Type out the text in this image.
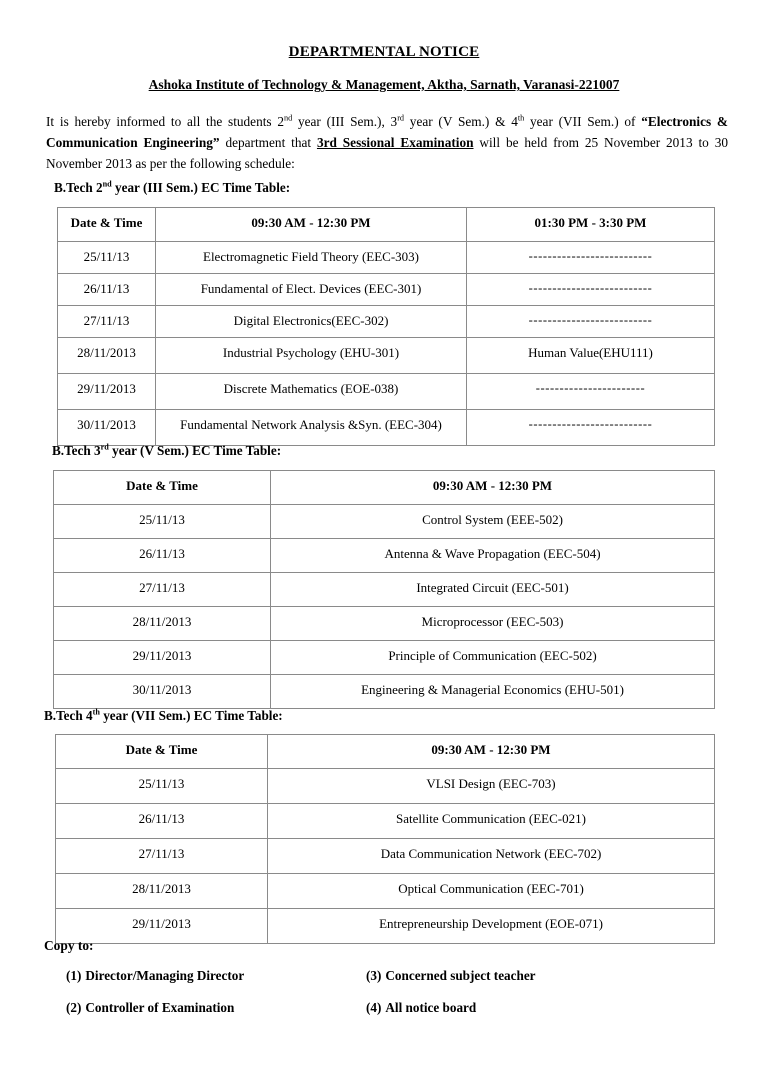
DEPARTMENTAL NOTICE
Ashoka Institute of Technology & Management, Aktha, Sarnath, Varanasi-221007

It is hereby informed to all the students 2nd year (III Sem.), 3rd year (V Sem.) & 4th year (VII Sem.) of “Electronics & Communication Engineering” department that 3rd Sessional Examination will be held from 25 November 2013 to 30 November 2013 as per the following schedule:

B.Tech 2nd year (III Sem.) EC Time Table:
Date & Time	09:30 AM - 12:30 PM	01:30 PM - 3:30 PM

25/11/13	Electromagnetic Field Theory (EEC-303)	--------------------------

26/11/13	Fundamental of Elect. Devices (EEC-301)	--------------------------

27/11/13	Digital Electronics(EEC-302)	--------------------------

28/11/2013	Industrial Psychology (EHU-301)	Human Value(EHU111)

29/11/2013	Discrete Mathematics (EOE-038)	-----------------------

30/11/2013	Fundamental Network Analysis &Syn. (EEC-304)	--------------------------
B.Tech 3rd year (V Sem.) EC Time Table:
Date & Time	09:30 AM - 12:30 PM

25/11/13	Control System (EEE-502)

26/11/13	Antenna & Wave Propagation (EEC-504)

27/11/13	Integrated Circuit (EEC-501)

28/11/2013	Microprocessor (EEC-503)

29/11/2013	Principle of Communication (EEC-502)

30/11/2013	Engineering & Managerial Economics (EHU-501)
B.Tech 4th year (VII Sem.) EC Time Table:
Date & Time	09:30 AM - 12:30 PM

25/11/13	VLSI Design (EEC-703)

26/11/13	Satellite Communication (EEC-021)

27/11/13	Data Communication Network (EEC-702)

28/11/2013	Optical Communication (EEC-701)

29/11/2013	Entrepreneurship Development (EOE-071)
Copy to:
(1) Director/Managing Director	(3) Concerned subject teacher
(2) Controller of Examination	(4) All notice board
